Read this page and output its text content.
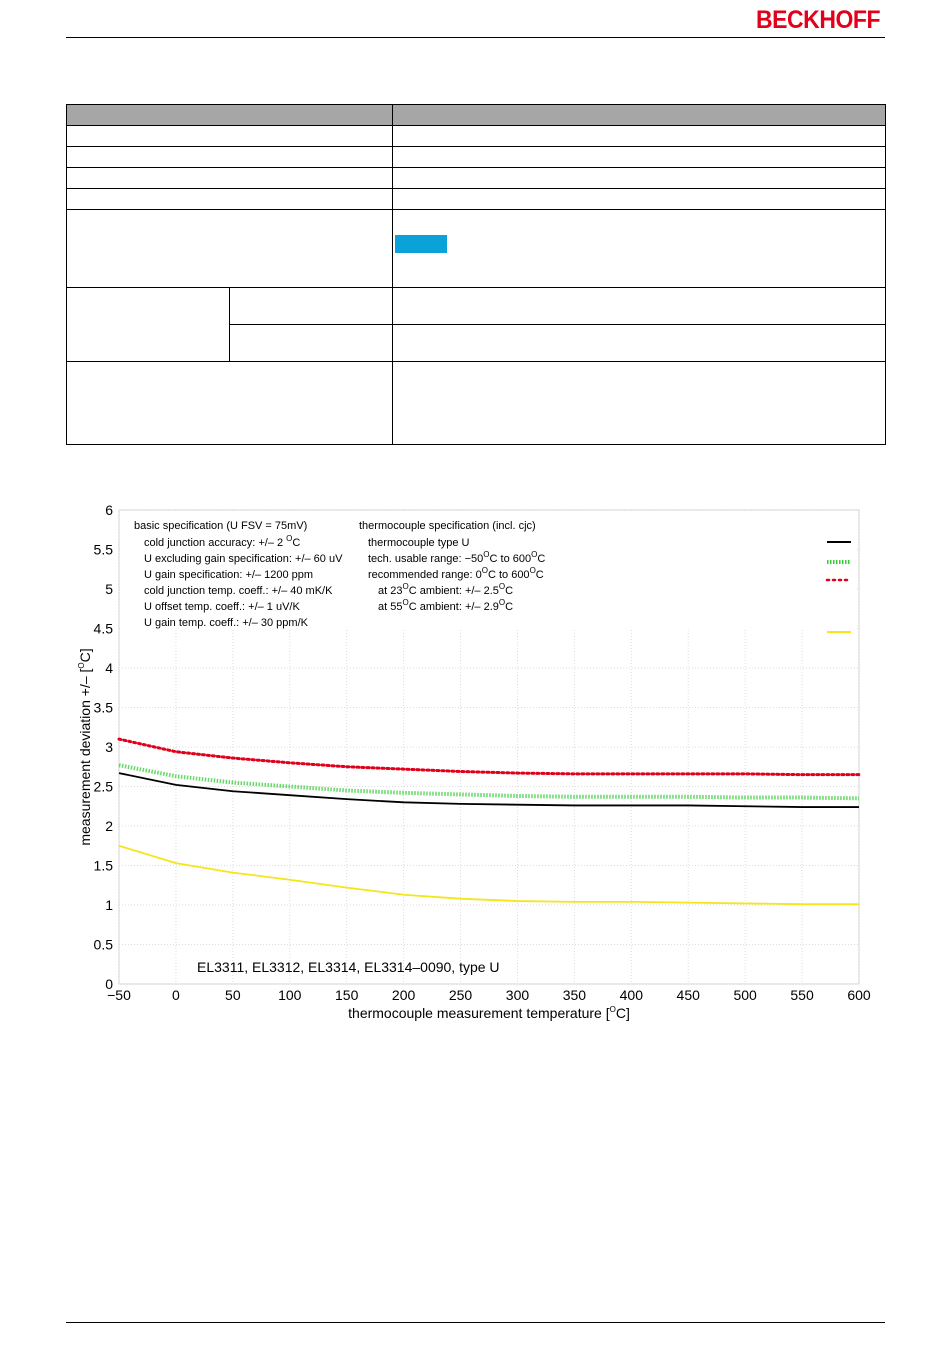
BECKHOFF

−50	0	50	100 150 200 250 300 350 400 450 500 550 600
0
0.5
1
1.5
2
2.5
3
3.5
4
4.5
5
5.5
6
basic specification (U FSV = 75mV)
cold junction accuracy: +/– 2 $^O$C
U excluding gain specification: +/– 60 uV
U gain specification: +/– 1200 ppm
cold junction temp. coeff.: +/– 40 mK/K
U offset temp. coeff.: +/– 1 uV/K
U gain temp. coeff.: +/– 30 ppm/K
thermocouple specification (incl. cjc)
thermocouple type U
tech. usable range: $-50^OC$ to $600^OC$
recommended range: $0^OC$ to $600^OC$
at $23^OC$ ambient: +/– $2.5^OC$
at $55^OC$ ambient: +/– $2.9^OC$
EL3311, EL3312, EL3314, EL3314–0090, type U
thermocouple measurement temperature [$^O$C]
measurement deviation +/– [$^O$C]
